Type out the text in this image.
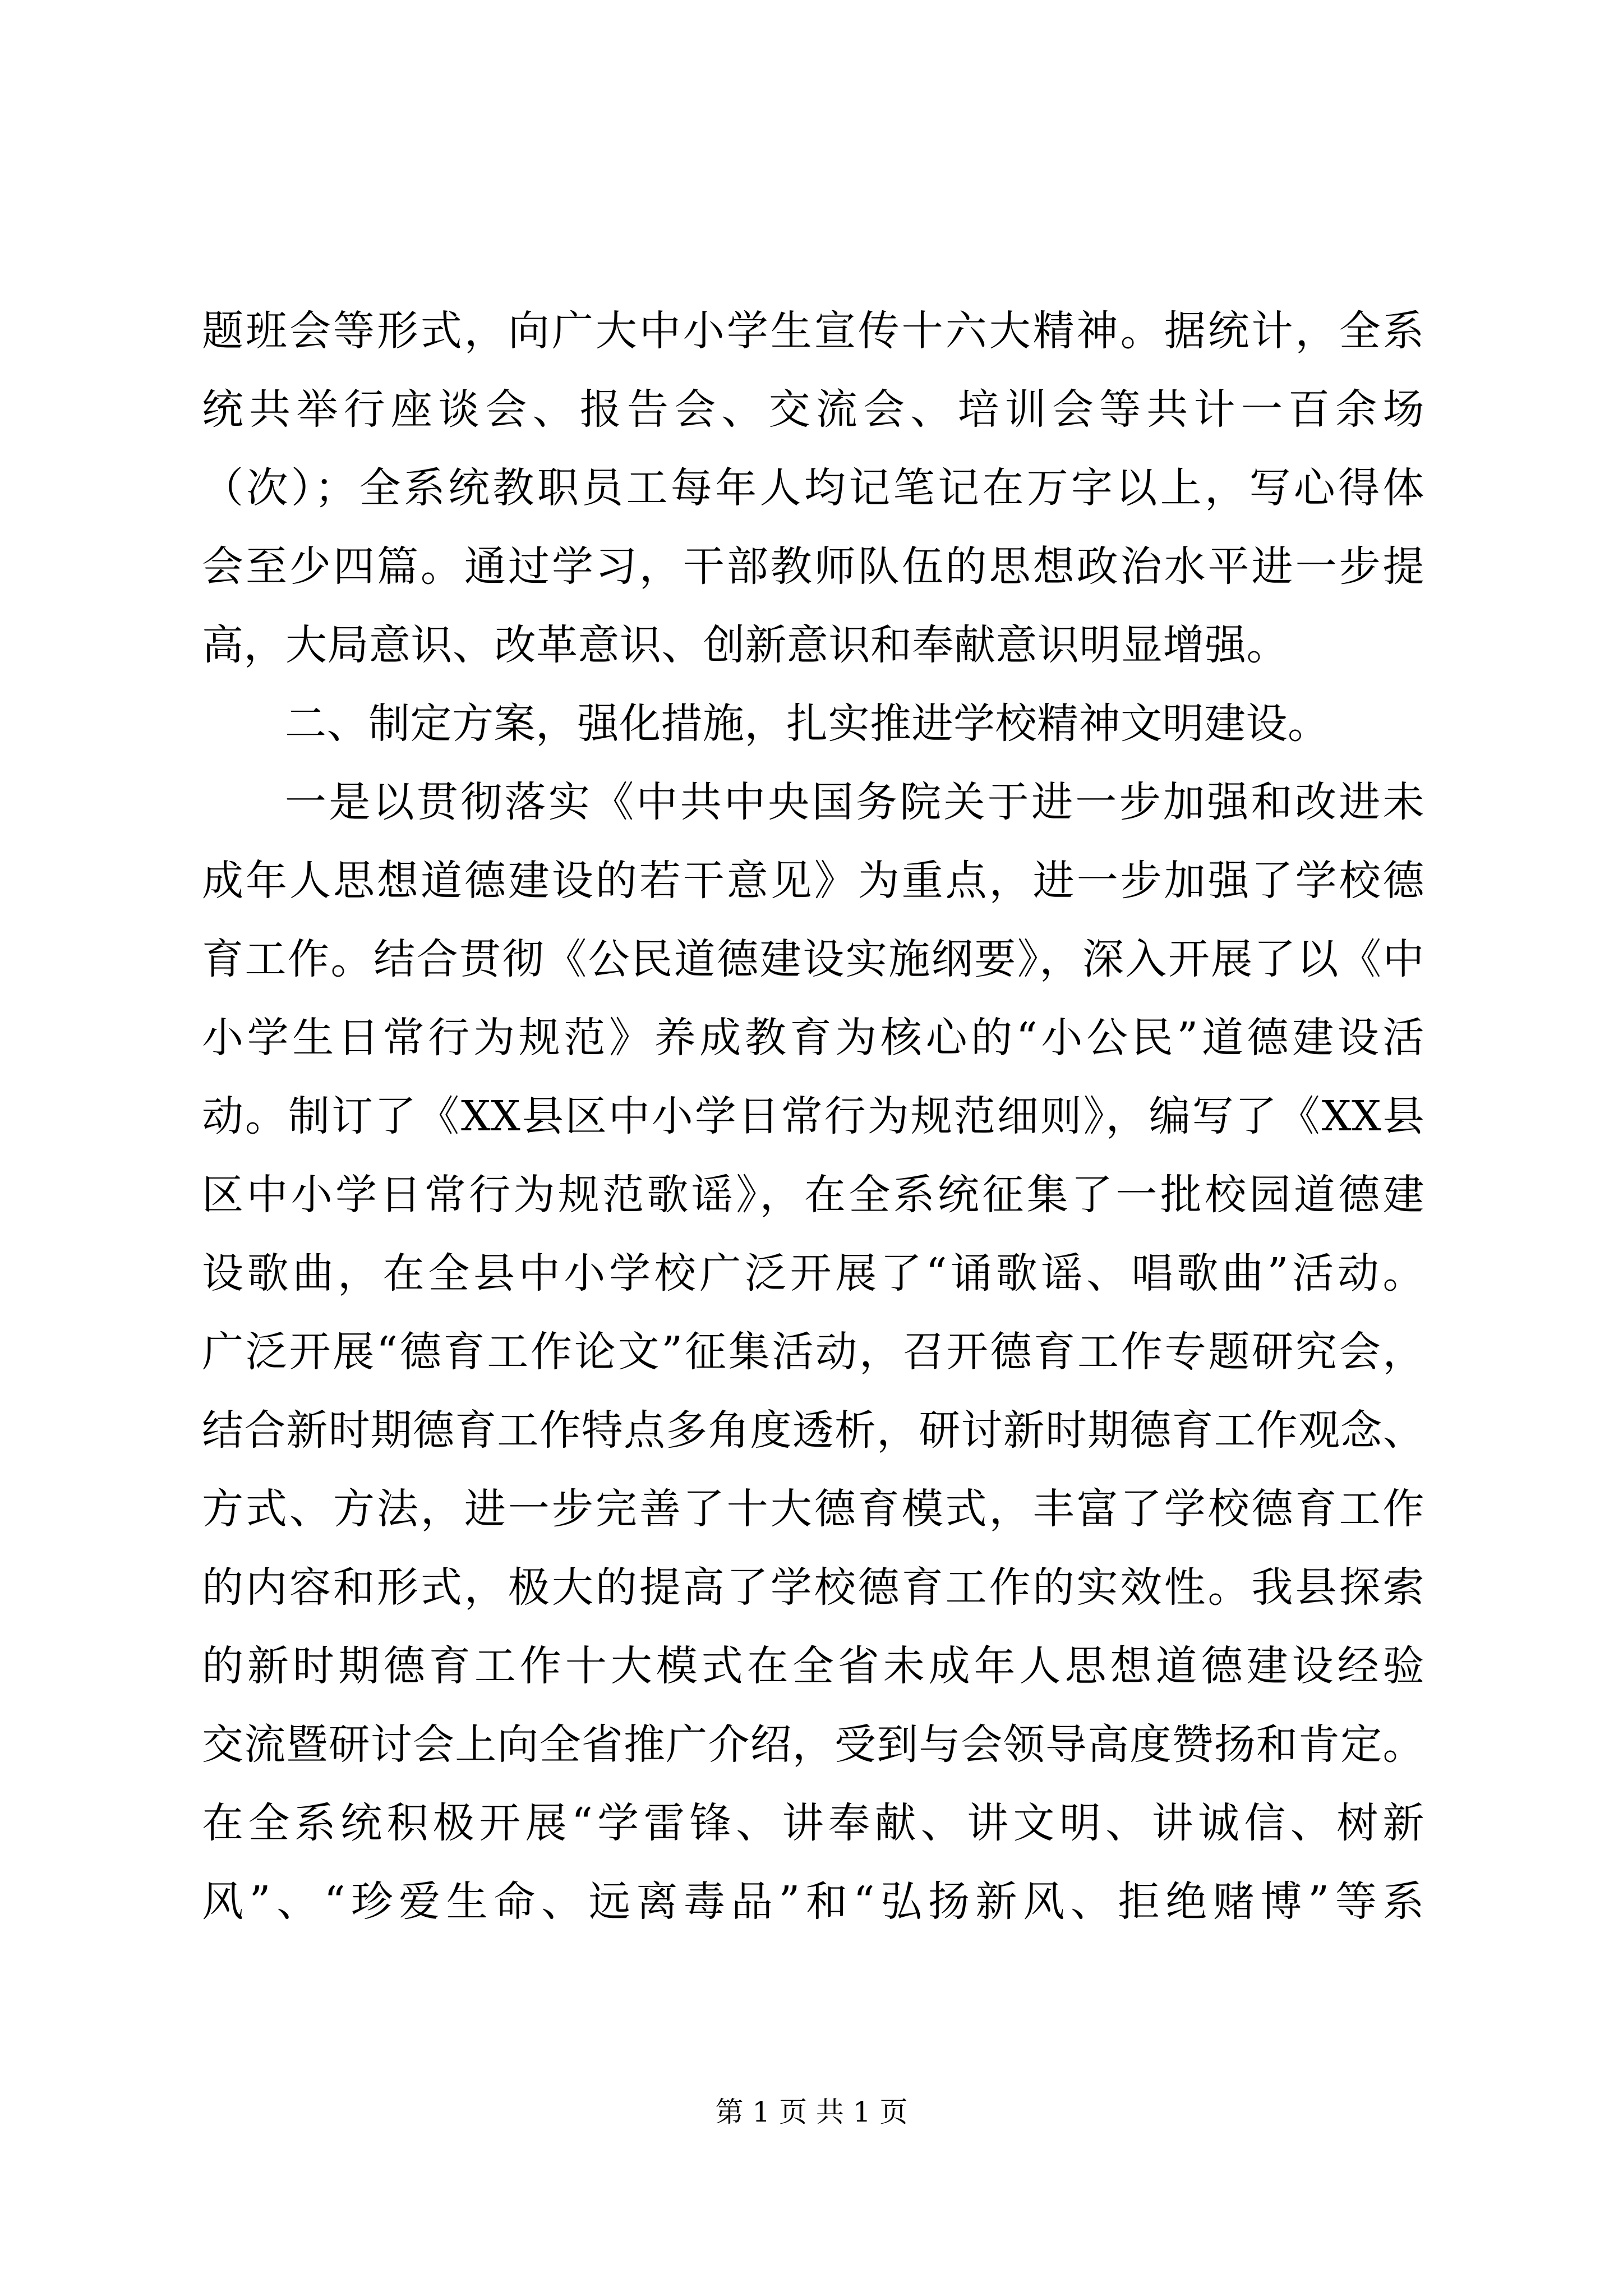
题班会等形式，向广大中小学生宣传十六大精神。据统计，全系
统共举行座谈会、报告会、交流会、培训会等共计一百余场
（次）；全系统教职员工每年人均记笔记在万字以上，写心得体
会至少四篇。通过学习，干部教师队伍的思想政治水平进一步提
高，大局意识、改革意识、创新意识和奉献意识明显增强。
二、制定方案，强化措施，扎实推进学校精神文明建设。
一是以贯彻落实《中共中央国务院关于进一步加强和改进未
成年人思想道德建设的若干意见》为重点，进一步加强了学校德
育工作。结合贯彻《公民道德建设实施纲要》，深入开展了以《中
小学生日常行为规范》养成教育为核心的“小公民”道德建设活
动。制订了《XX县区中小学日常行为规范细则》，编写了《XX县
区中小学日常行为规范歌谣》，在全系统征集了一批校园道德建
设歌曲，在全县中小学校广泛开展了“诵歌谣、唱歌曲”活动。
广泛开展“德育工作论文”征集活动，召开德育工作专题研究会，
结合新时期德育工作特点多角度透析，研讨新时期德育工作观念、
方式、方法，进一步完善了十大德育模式，丰富了学校德育工作
的内容和形式，极大的提高了学校德育工作的实效性。我县探索
的新时期德育工作十大模式在全省未成年人思想道德建设经验
交流暨研讨会上向全省推广介绍，受到与会领导高度赞扬和肯定。
在全系统积极开展“学雷锋、讲奉献、讲文明、讲诚信、树新
风”、“珍爱生命、远离毒品”和“弘扬新风、拒绝赌博”等系
第 1 页 共 1 页
